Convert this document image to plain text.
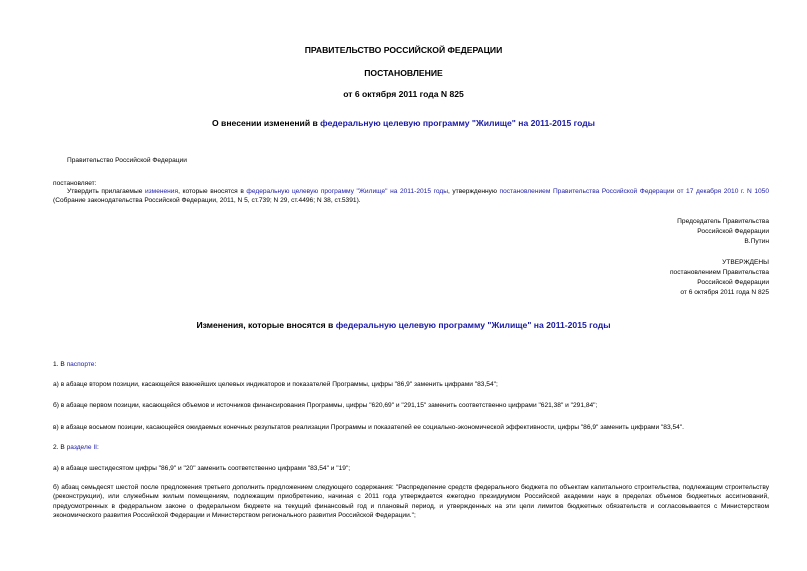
ПРАВИТЕЛЬСТВО РОССИЙСКОЙ ФЕДЕРАЦИИ
ПОСТАНОВЛЕНИЕ
от 6 октября 2011 года N 825
О внесении изменений в федеральную целевую программу "Жилище" на 2011-2015 годы
Правительство Российской Федерации
постановляет:
Утвердить прилагаемые изменения, которые вносятся в федеральную целевую программу "Жилище" на 2011-2015 годы, утвержденную постановлением Правительства Российской Федерации от 17 декабря 2010 г. N 1050 (Собрание законодательства Российской Федерации, 2011, N 5, ст.739; N 29, ст.4496; N 38, ст.5391).
Председатель Правительства
Российской Федерации
В.Путин
УТВЕРЖДЕНЫ
постановлением Правительства
Российской Федерации
от 6 октября 2011 года N 825
Изменения, которые вносятся в федеральную целевую программу "Жилище" на 2011-2015 годы
1. В паспорте:
а) в абзаце втором позиции, касающейся важнейших целевых индикаторов и показателей Программы, цифры "86,9" заменить цифрами "83,54";
б) в абзаце первом позиции, касающейся объемов и источников финансирования Программы, цифры "620,69" и "291,15" заменить соответственно цифрами "621,38" и "291,84";
в) в абзаце восьмом позиции, касающейся ожидаемых конечных результатов реализации Программы и показателей ее социально-экономической эффективности, цифры "86,9" заменить цифрами "83,54".
2. В разделе II:
а) в абзаце шестидесятом цифры "86,9" и "20" заменить соответственно цифрами "83,54" и "19";
б) абзац семьдесят шестой после предложения третьего дополнить предложением следующего содержания: "Распределение средств федерального бюджета по объектам капитального строительства, подлежащим строительству (реконструкции), или служебным жилым помещениям, подлежащим приобретению, начиная с 2011 года утверждается ежегодно президиумом Российской академии наук в пределах объемов бюджетных ассигнований, предусмотренных в федеральном законе о федеральном бюджете на текущий финансовый год и плановый период, и утвержденных на эти цели лимитов бюджетных обязательств и согласовывается с Министерством экономического развития Российской Федерации и Министерством регионального развития Российской Федерации.";
